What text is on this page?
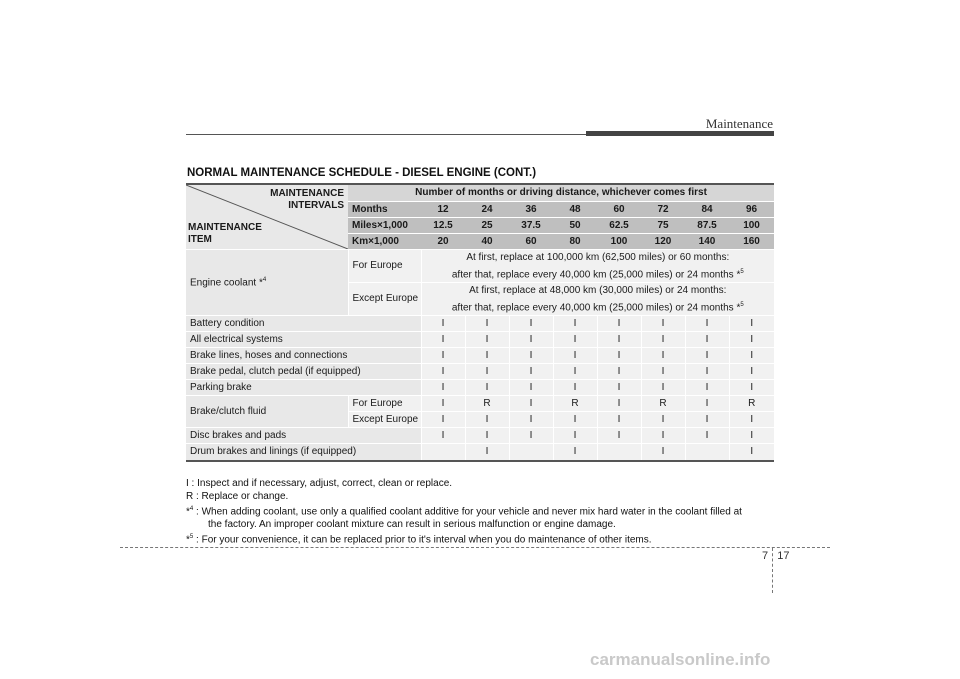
Maintenance
NORMAL MAINTENANCE SCHEDULE - DIESEL ENGINE (CONT.)
MAINTENANCE
INTERVALS
MAINTENANCE
ITEM	Number of months or driving distance, whichever comes first								
	Months	12	24	36	48	60	72	84	96
	Miles×1,000	12.5	25	37.5	50	62.5	75	87.5	100
	Km×1,000	20	40	60	80	100	120	140	160
Engine coolant *$^4$	For Europe	At first, replace at 100,000 km (62,500 miles) or 60 months:
after that, replace every 40,000 km (25,000 miles) or 24 months *$^5$

	Except Europe	At first, replace at 48,000 km (30,000 miles) or 24 months:
after that, replace every 40,000 km (25,000 miles) or 24 months *$^5$

Battery condition		I	I	I	I	I	I	I	I
All electrical systems		I	I	I	I	I	I	I	I
Brake lines, hoses and connections		I	I	I	I	I	I	I	I
Brake pedal, clutch pedal (if equipped)		I	I	I	I	I	I	I	I
Parking brake		I	I	I	I	I	I	I	I
Brake/clutch fluid	For Europe	I	R	I	R	I	R	I	R
	Except Europe	I	I	I	I	I	I	I	I
Disc brakes and pads		I	I	I	I	I	I	I	I
Drum brakes and linings (if equipped)			I		I		I		I

I : Inspect and if necessary, adjust, correct, clean or replace.

R : Replace or change.

*$^4$ : When adding coolant, use only a qualified coolant additive for your vehicle and never mix hard water in the coolant filled at

the factory. An improper coolant mixture can result in serious malfunction or engine damage.

*$^5$ : For your convenience, it can be replaced prior to it's interval when you do maintenance of other items.

7 17
carmanualsonline.info
